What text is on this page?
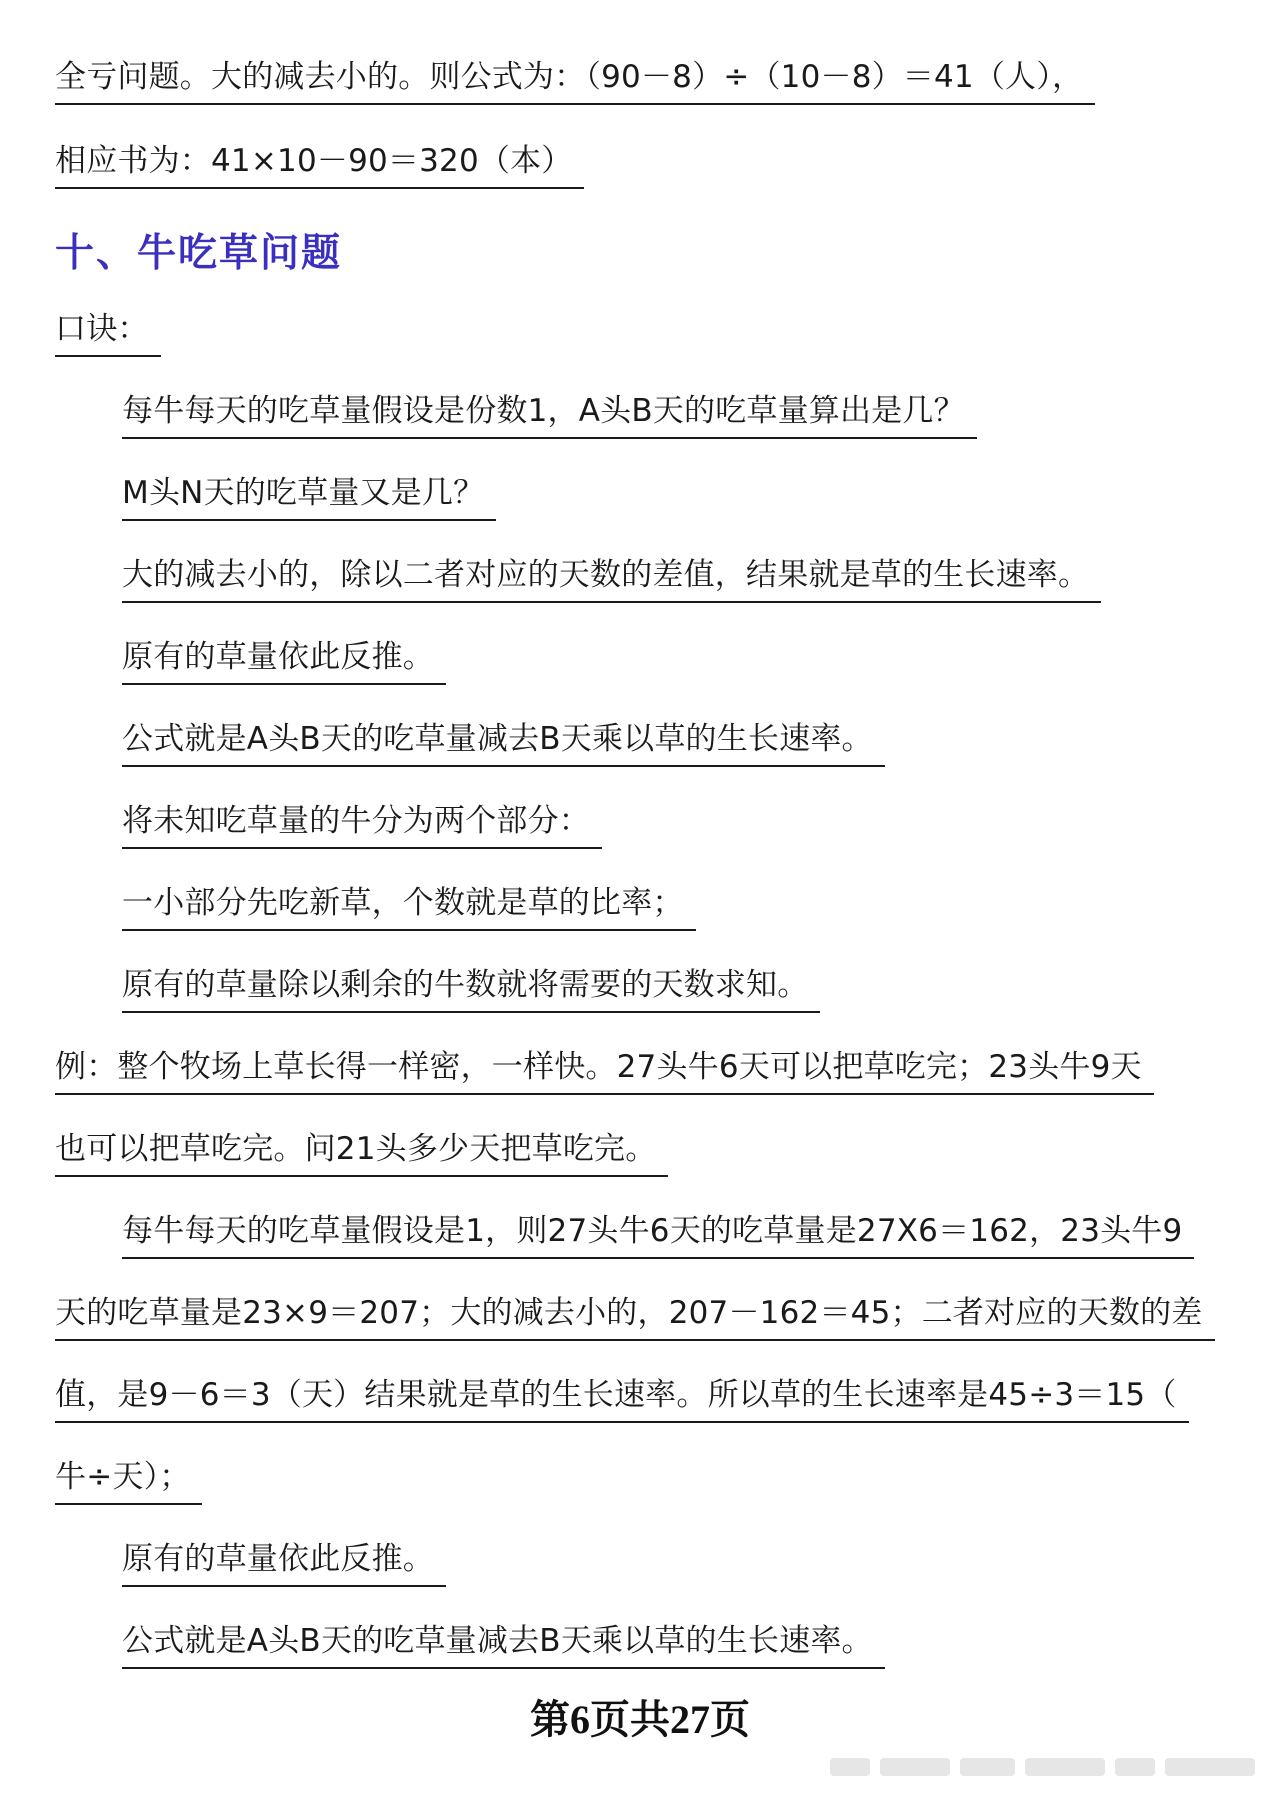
全亏问题。大的减去小的。则公式为：（90－8）÷（10－8）＝41（人），
相应书为：41×10－90＝320（本）
十、牛吃草问题
口诀：
每牛每天的吃草量假设是份数1，A头B天的吃草量算出是几？
M头N天的吃草量又是几？
大的减去小的，除以二者对应的天数的差值，结果就是草的生长速率。
原有的草量依此反推。
公式就是A头B天的吃草量减去B天乘以草的生长速率。
将未知吃草量的牛分为两个部分：
一小部分先吃新草，个数就是草的比率；
原有的草量除以剩余的牛数就将需要的天数求知。
例：整个牧场上草长得一样密，一样快。27头牛6天可以把草吃完；23头牛9天
也可以把草吃完。问21头多少天把草吃完。
每牛每天的吃草量假设是1，则27头牛6天的吃草量是27X6＝162，23头牛9
天的吃草量是23×9＝207；大的减去小的，207－162＝45；二者对应的天数的差
值，是9－6＝3（天）结果就是草的生长速率。所以草的生长速率是45÷3＝15（
牛÷天）；
原有的草量依此反推。
公式就是A头B天的吃草量减去B天乘以草的生长速率。
第6页共27页
